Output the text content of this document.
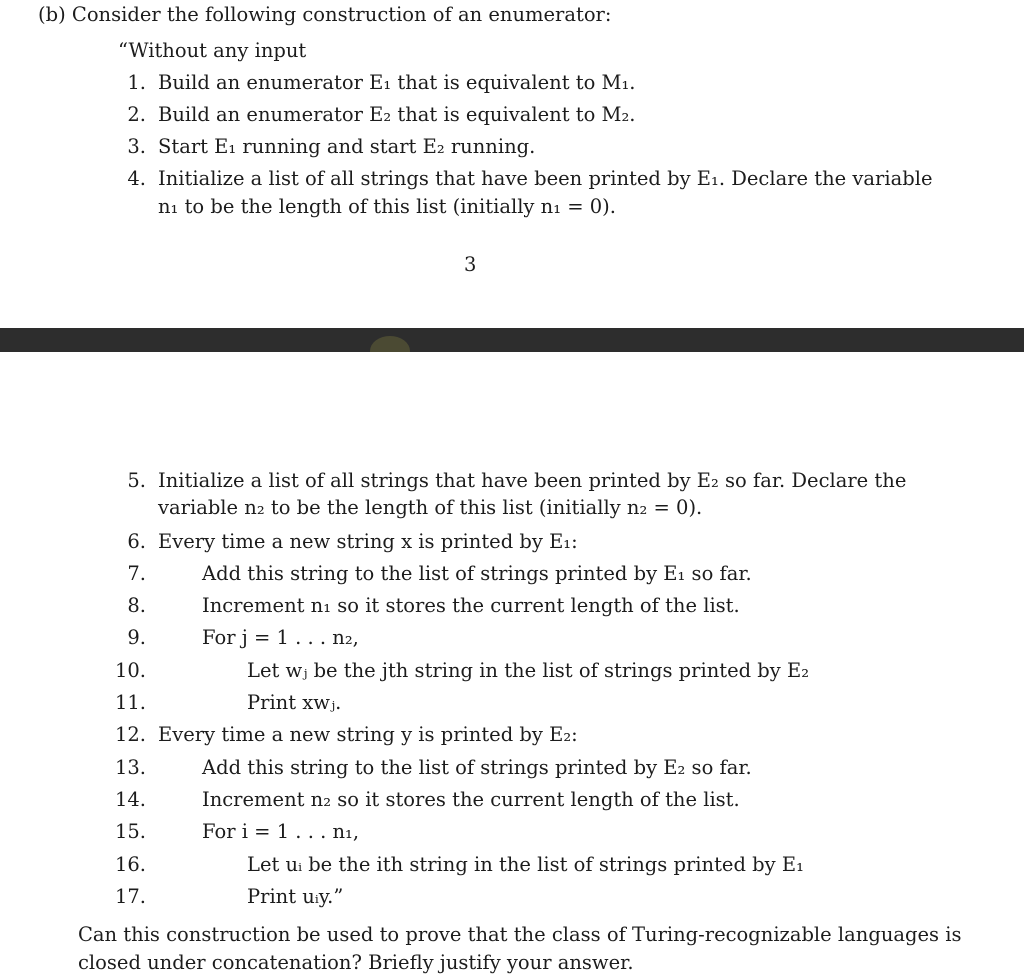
(b) Consider the following construction of an enumerator:
“Without any input
1. Build an enumerator E₁ that is equivalent to M₁.
2. Build an enumerator E₂ that is equivalent to M₂.
3. Start E₁ running and start E₂ running.
4. Initialize a list of all strings that have been printed by E₁. Declare the variable
n₁ to be the length of this list (initially n₁ = 0).
3
5. Initialize a list of all strings that have been printed by E₂ so far. Declare the
variable n₂ to be the length of this list (initially n₂ = 0).
6. Every time a new string x is printed by E₁:
7.	Add this string to the list of strings printed by E₁ so far.
8.	Increment n₁ so it stores the current length of the list.
9.	For j = 1 . . . n₂,
10.	Let wⱼ be the jth string in the list of strings printed by E₂
11.	Print xwⱼ.
12. Every time a new string y is printed by E₂:
13.	Add this string to the list of strings printed by E₂ so far.
14.	Increment n₂ so it stores the current length of the list.
15.	For i = 1 . . . n₁,
16.	Let uᵢ be the ith string in the list of strings printed by E₁
17.	Print uᵢy.”
Can this construction be used to prove that the class of Turing-recognizable languages is
closed under concatenation? Briefly justify your answer.
